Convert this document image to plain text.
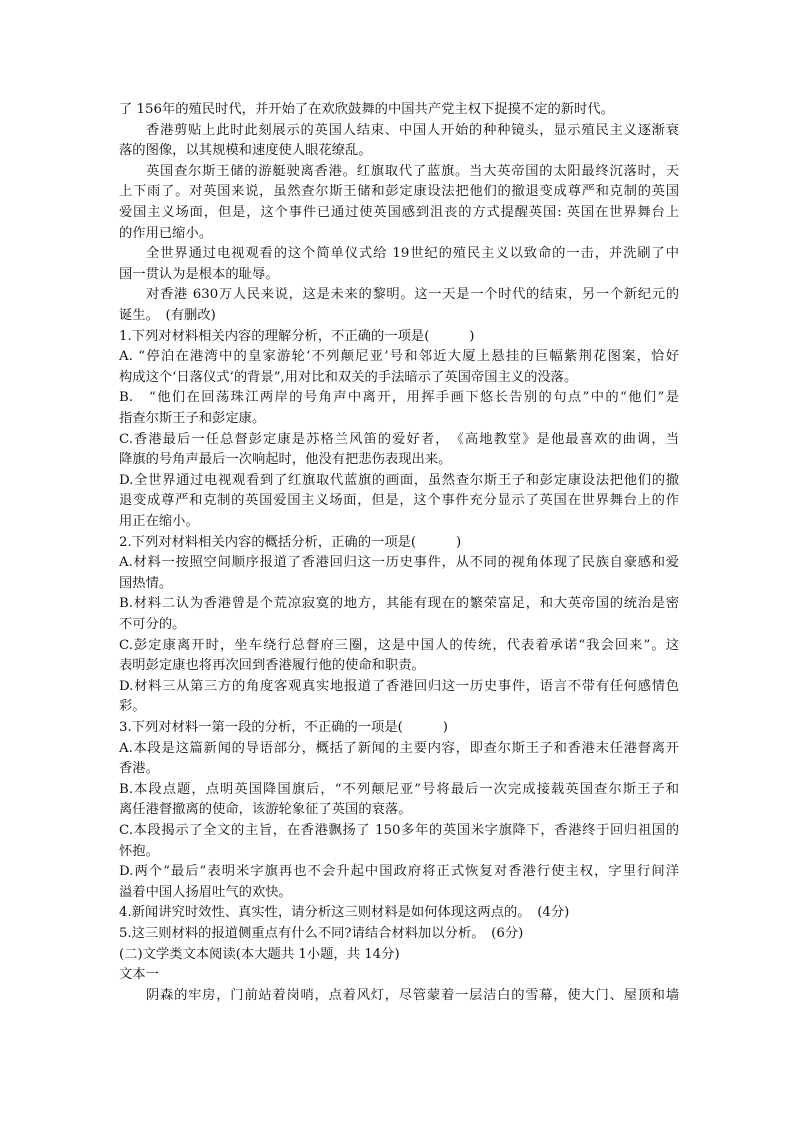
了 156年的殖民时代，并开始了在欢欣鼓舞的中国共产党主权下捉摸不定的新时代。
香港剪贴上此时此刻展示的英国人结束、中国人开始的种种镜头，显示殖民主义逐渐衰
落的图像，以其规模和速度使人眼花缭乱。
英国查尔斯王储的游艇驶离香港。红旗取代了蓝旗。当大英帝国的太阳最终沉落时，天
上下雨了。对英国来说，虽然查尔斯王储和彭定康设法把他们的撤退变成尊严和克制的英国
爱国主义场面，但是，这个事件已通过使英国感到沮丧的方式提醒英国: 英国在世界舞台上
的作用已缩小。
全世界通过电视观看的这个简单仪式给 19世纪的殖民主义以致命的一击，并洗刷了中
国一贯认为是根本的耻辱。
对香港 630万人民来说，这是未来的黎明。这一天是一个时代的结束，另一个新纪元的
诞生。　(有删改)
1.下列对材料相关内容的理解分析，不正确的一项是(　　　)
A. “停泊在港湾中的皇家游轮‘不列颠尼亚’号和邻近大厦上悬挂的巨幅紫荆花图案，恰好
构成这个‘日落仪式’的背景”,用对比和双关的手法暗示了英国帝国主义的没落。
B.　“他们在回荡珠江两岸的号角声中离开，用挥手画下悠长告别的句点”中的“他们”是
指查尔斯王子和彭定康。
C.香港最后一任总督彭定康是苏格兰风笛的爱好者，　《高地教堂》是他最喜欢的曲调，当
降旗的号角声最后一次响起时，他没有把悲伤表现出来。
D.全世界通过电视观看到了红旗取代蓝旗的画面，虽然查尔斯王子和彭定康设法把他们的撤
退变成尊严和克制的英国爱国主义场面，但是，这个事件充分显示了英国在世界舞台上的作
用正在缩小。
2.下列对材料相关内容的概括分析，正确的一项是(　　　)
A.材料一按照空间顺序报道了香港回归这一历史事件，从不同的视角体现了民族自豪感和爱
国热情。
B.材料二认为香港曾是个荒凉寂寞的地方，其能有现在的繁荣富足，和大英帝国的统治是密
不可分的。
C.彭定康离开时，坐车绕行总督府三圈，这是中国人的传统，代表着承诺“我会回来”。这
表明彭定康也将再次回到香港履行他的使命和职责。
D.材料三从第三方的角度客观真实地报道了香港回归这一历史事件，语言不带有任何感情色
彩。
3.下列对材料一第一段的分析，不正确的一项是(　　　)
A.本段是这篇新闻的导语部分，概括了新闻的主要内容，即查尔斯王子和香港末任港督离开
香港。
B.本段点题，点明英国降国旗后，“不列颠尼亚”号将最后一次完成接载英国查尔斯王子和
离任港督撤离的使命，该游轮象征了英国的衰落。
C.本段揭示了全文的主旨，在香港飘扬了 150多年的英国米字旗降下，香港终于回归祖国的
怀抱。
D.两个“最后”表明米字旗再也不会升起中国政府将正式恢复对香港行使主权，字里行间洋
溢着中国人扬眉吐气的欢快。
4.新闻讲究时效性、真实性，请分析这三则材料是如何体现这两点的。　(4分)
5.这三则材料的报道侧重点有什么不同?请结合材料加以分析。　(6分)
(二)文学类文本阅读(本大题共 1小题，共 14分)
文本一
阴森的牢房，门前站着岗哨，点着风灯，尽管蒙着一层洁白的雪幕，使大门、屋顶和墙
